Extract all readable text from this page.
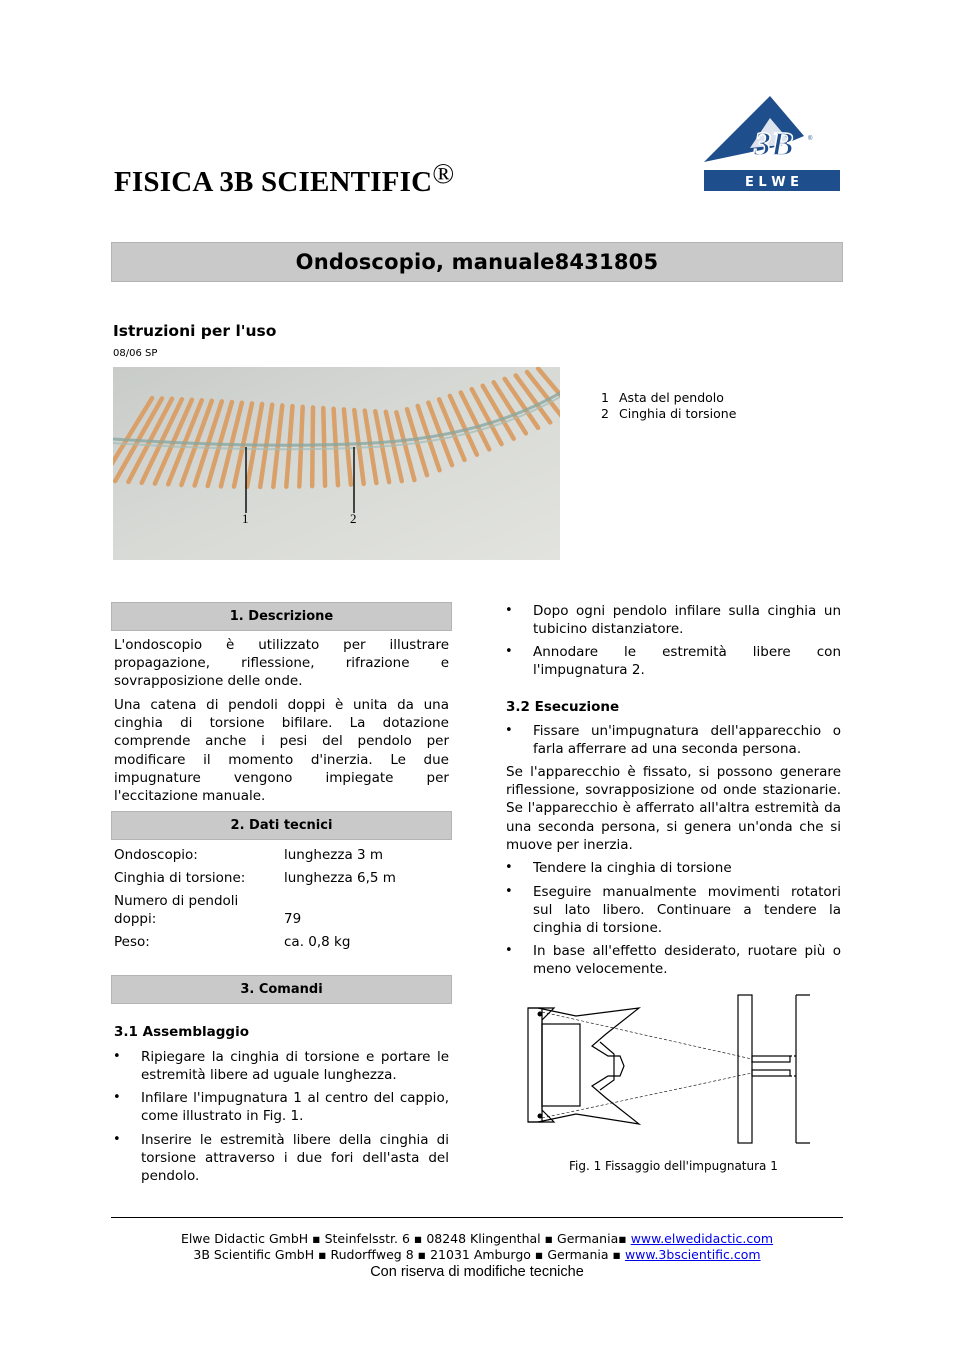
FISICA 3B SCIENTIFIC®
3B ®
E L W E
Ondoscopio, manuale 8431805
Istruzioni per l'uso
08/06 SP
1	2
1 Asta del pendolo
2 Cinghia di torsione
1. Descrizione
L'ondoscopio è utilizzato per illustrare propagazione, riflessione, rifrazione e sovrapposizione delle onde.
Una catena di pendoli doppi è unita da una cinghia di torsione bifilare. La dotazione comprende anche i pesi del pendolo per modificare il momento d'inerzia. Le due impugnature vengono impiegate per l'eccitazione manuale.
2. Dati tecnici
Ondoscopio:	lunghezza 3 m
Cinghia di torsione:	lunghezza 6,5 m
Numero di pendoli doppi:	79
Peso:	ca. 0,8 kg
3. Comandi
3.1 Assemblaggio
• Ripiegare la cinghia di torsione e portare le estremità libere ad uguale lunghezza.
• Infilare l'impugnatura 1 al centro del cappio, come illustrato in Fig. 1.
• Inserire le estremità libere della cinghia di torsione attraverso i due fori dell'asta del pendolo.
• Dopo ogni pendolo infilare sulla cinghia un tubicino distanziatore.
• Annodare le estremità libere con l'impugnatura 2.
3.2 Esecuzione
• Fissare un'impugnatura dell'apparecchio o farla afferrare ad una seconda persona.
Se l'apparecchio è fissato, si possono generare riflessione, sovrapposizione od onde stazionarie. Se l'apparecchio è afferrato all'altra estremità da una seconda persona, si genera un'onda che si muove per inerzia.
• Tendere la cinghia di torsione
• Eseguire manualmente movimenti rotatori sul lato libero. Continuare a tendere la cinghia di torsione.
• In base all'effetto desiderato, ruotare più o meno velocemente.
Fig. 1 Fissaggio dell'impugnatura 1
Elwe Didactic GmbH ▪ Steinfelsstr. 6 ▪ 08248 Klingenthal ▪ Germania▪ www.elwedidactic.com
3B Scientific GmbH ▪ Rudorffweg 8 ▪ 21031 Amburgo ▪ Germania ▪ www.3bscientific.com
Con riserva di modifiche tecniche
